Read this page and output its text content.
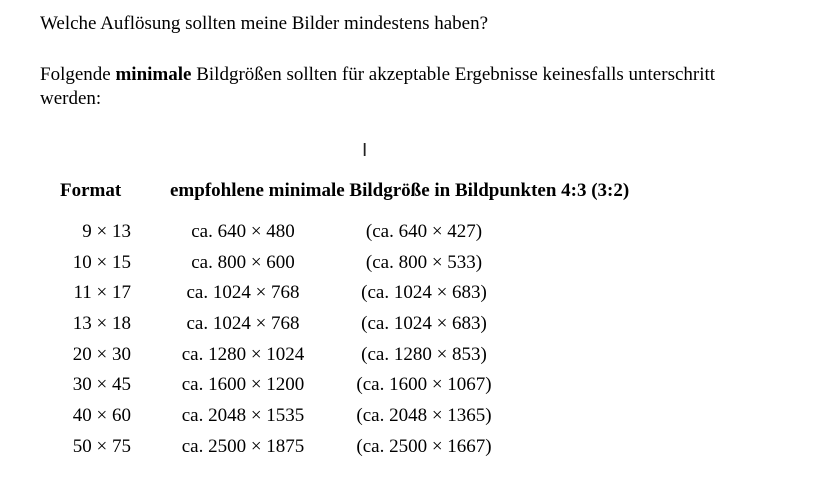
Welche Auflösung sollten meine Bilder mindestens haben?
Folgende minimale Bildgrößen sollten für akzeptable Ergebnisse keinesfalls unterschritt
werden:
I
Format	empfohlene minimale Bildgröße in Bildpunkten 4:3 (3:2)
9 × 13	ca. 640 × 480	(ca. 640 × 427)
10 × 15	ca. 800 × 600	(ca. 800 × 533)
11 × 17	ca. 1024 × 768	(ca. 1024 × 683)
13 × 18	ca. 1024 × 768	(ca. 1024 × 683)
20 × 30	ca. 1280 × 1024	(ca. 1280 × 853)
30 × 45	ca. 1600 × 1200	(ca. 1600 × 1067)
40 × 60	ca. 2048 × 1535	(ca. 2048 × 1365)
50 × 75	ca. 2500 × 1875	(ca. 2500 × 1667)
